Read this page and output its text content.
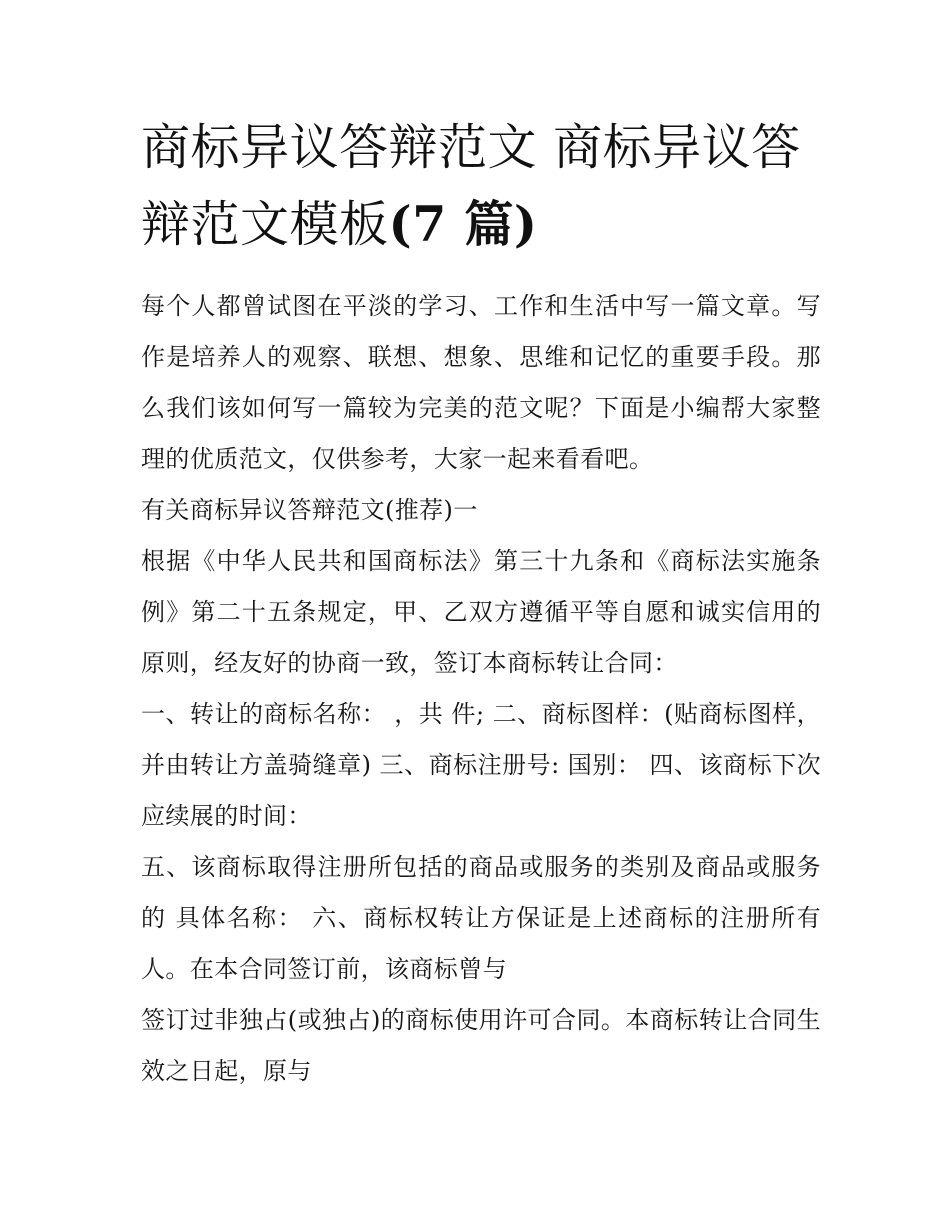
商标异议答辩范文 商标异议答辩范文模板(7 篇)

每个人都曾试图在平淡的学习、工作和生活中写一篇文章。写作是培养人的观察、联想、想象、思维和记忆的重要手段。那么我们该如何写一篇较为完美的范文呢？下面是小编帮大家整理的优质范文，仅供参考，大家一起来看看吧。

有关商标异议答辩范文(推荐)一

根据《中华人民共和国商标法》第三十九条和《商标法实施条例》第二十五条规定，甲、乙双方遵循平等自愿和诚实信用的原则，经友好的协商一致，签订本商标转让合同：

一、转让的商标名称： ，共 件; 二、商标图样：(贴商标图样，并由转让方盖骑缝章) 三、商标注册号: 国别： 四、该商标下次应续展的时间：

五、该商标取得注册所包括的商品或服务的类别及商品或服务的 具体名称： 六、商标权转让方保证是上述商标的注册所有人。在本合同签订前，该商标曾与

签订过非独占(或独占)的商标使用许可合同。本商标转让合同生效之日起，原与
